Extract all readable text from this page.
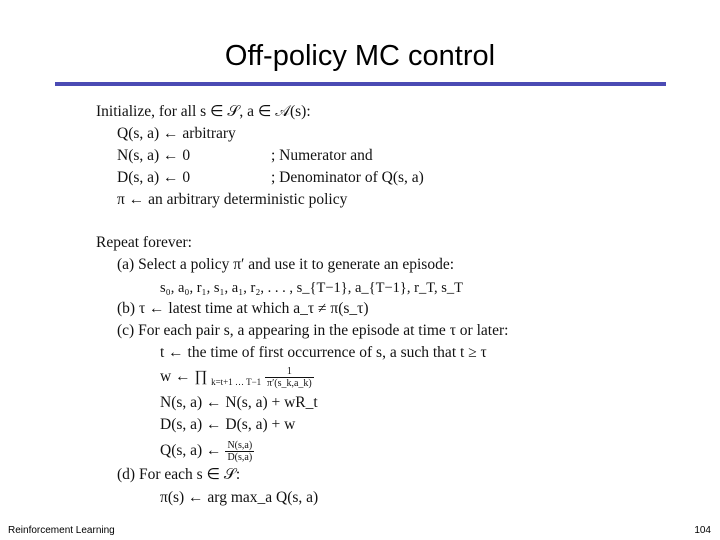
Off-policy MC control
Initialize, for all s ∈ 𝒮, a ∈ 𝒜(s):
Q(s, a) ← arbitrary
N(s, a) ← 0	; Numerator and
D(s, a) ← 0	; Denominator of Q(s, a)
π ← an arbitrary deterministic policy
Repeat forever:
(a) Select a policy π′ and use it to generate an episode:
s₀, a₀, r₁, s₁, a₁, r₂, . . . , s_{T−1}, a_{T−1}, r_T, s_T
(b) τ ← latest time at which a_τ ≠ π(s_τ)
(c) For each pair s, a appearing in the episode at time τ or later:
t ← the time of first occurrence of s, a such that t ≥ τ
w ← ∏ $_{k=t+1 \dots T-1} \frac{1}{\pi'(s\_k,a\_k)}$
N(s, a) ← N(s, a) + wR_t
D(s, a) ← D(s, a) + w
Q(s, a) ← $\frac{N(s,a)}{D(s,a)}$
(d) For each s ∈ 𝒮:
π(s) ← arg max_a Q(s, a)
Reinforcement Learning	104
